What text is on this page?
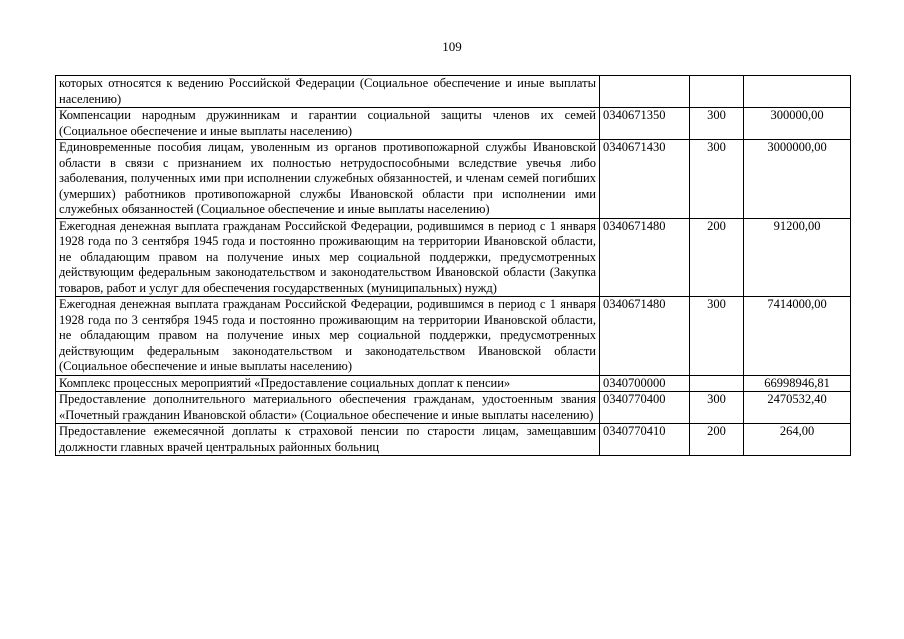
109
которых относятся к ведению Российской Федерации (Социальное обеспечение и иные выплаты населению)			
Компенсации народным дружинникам и гарантии социальной защиты членов их семей (Социальное обеспечение и иные выплаты населению)	0340671350	300	300000,00
Единовременные пособия лицам, уволенным из органов противопожарной службы Ивановской области в связи с признанием их полностью нетрудоспособными вследствие увечья либо заболевания, полученных ими при исполнении служебных обязанностей, и членам семей погибших (умерших) работников противопожарной службы Ивановской области при исполнении ими служебных обязанностей (Социальное обеспечение и иные выплаты населению)	0340671430	300	3000000,00
Ежегодная денежная выплата гражданам Российской Федерации, родившимся в период с 1 января 1928 года по 3 сентября 1945 года и постоянно проживающим на территории Ивановской области, не обладающим правом на получение иных мер социальной поддержки, предусмотренных действующим федеральным законодательством и законодательством Ивановской области (Закупка товаров, работ и услуг для обеспечения государственных (муниципальных) нужд)	0340671480	200	91200,00
Ежегодная денежная выплата гражданам Российской Федерации, родившимся в период с 1 января 1928 года по 3 сентября 1945 года и постоянно проживающим на территории Ивановской области, не обладающим правом на получение иных мер социальной поддержки, предусмотренных действующим федеральным законодательством и законодательством Ивановской области (Социальное обеспечение и иные выплаты населению)	0340671480	300	7414000,00
Комплекс процессных мероприятий «Предоставление социальных доплат к пенсии»	0340700000		66998946,81
Предоставление дополнительного материального обеспечения гражданам, удостоенным звания «Почетный гражданин Ивановской области» (Социальное обеспечение и иные выплаты населению)	0340770400	300	2470532,40
Предоставление ежемесячной доплаты к страховой пенсии по старости лицам, замещавшим должности главных врачей центральных районных больниц	0340770410	200	264,00
